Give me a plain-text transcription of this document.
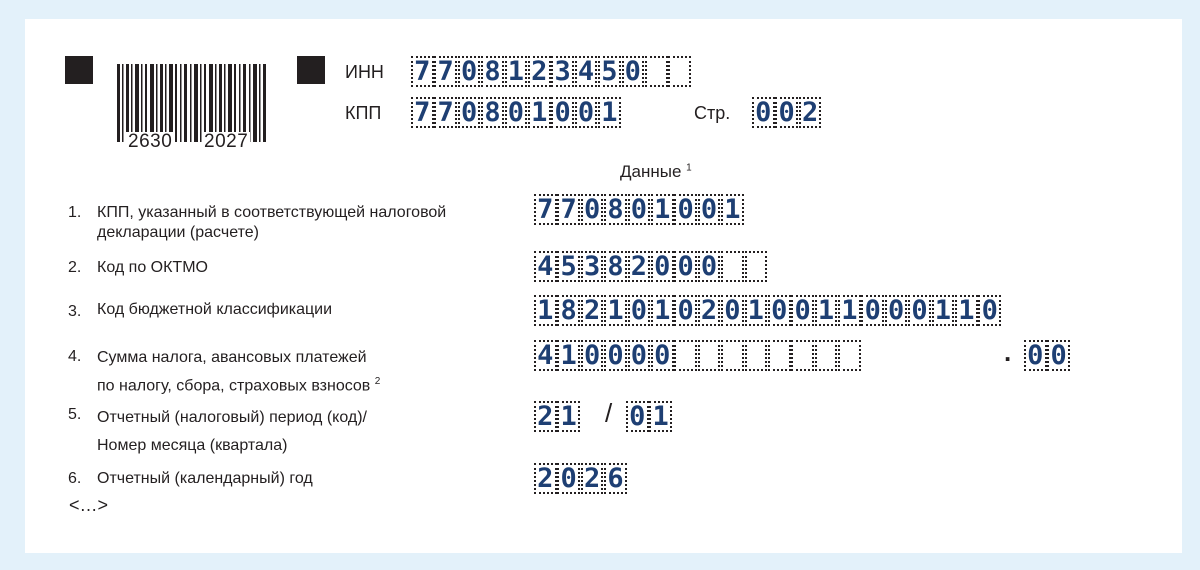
2630 2027
ИНН 7 7 0 8 1 2 3 4 5 0
КПП 7 7 0 8 0 1 0 0 1	Стр. 0 0 2
Данные $^1$
1. КПП, указанный в соответствующей налоговой
декларации (расчете)
7 7 0 8 0 1 0 0 1
2. Код по ОКТМО	4 5 3 8 2 0 0 0
3. Код бюджетной классификации	1 8 2 1 0 1 0 2 0 1 0 0 1 1 0 0 0 1 1 0
4. Сумма налога, авансовых платежей
по налогу, сбора, страховых взносов $^2$
4 1 0 0 0 0	. 0 0
5. Отчетный (налоговый) период (код)/
Номер месяца (квартала)
2 1 / 0 1
6. Отчетный (календарный) год	2 0 2 6
<…>
